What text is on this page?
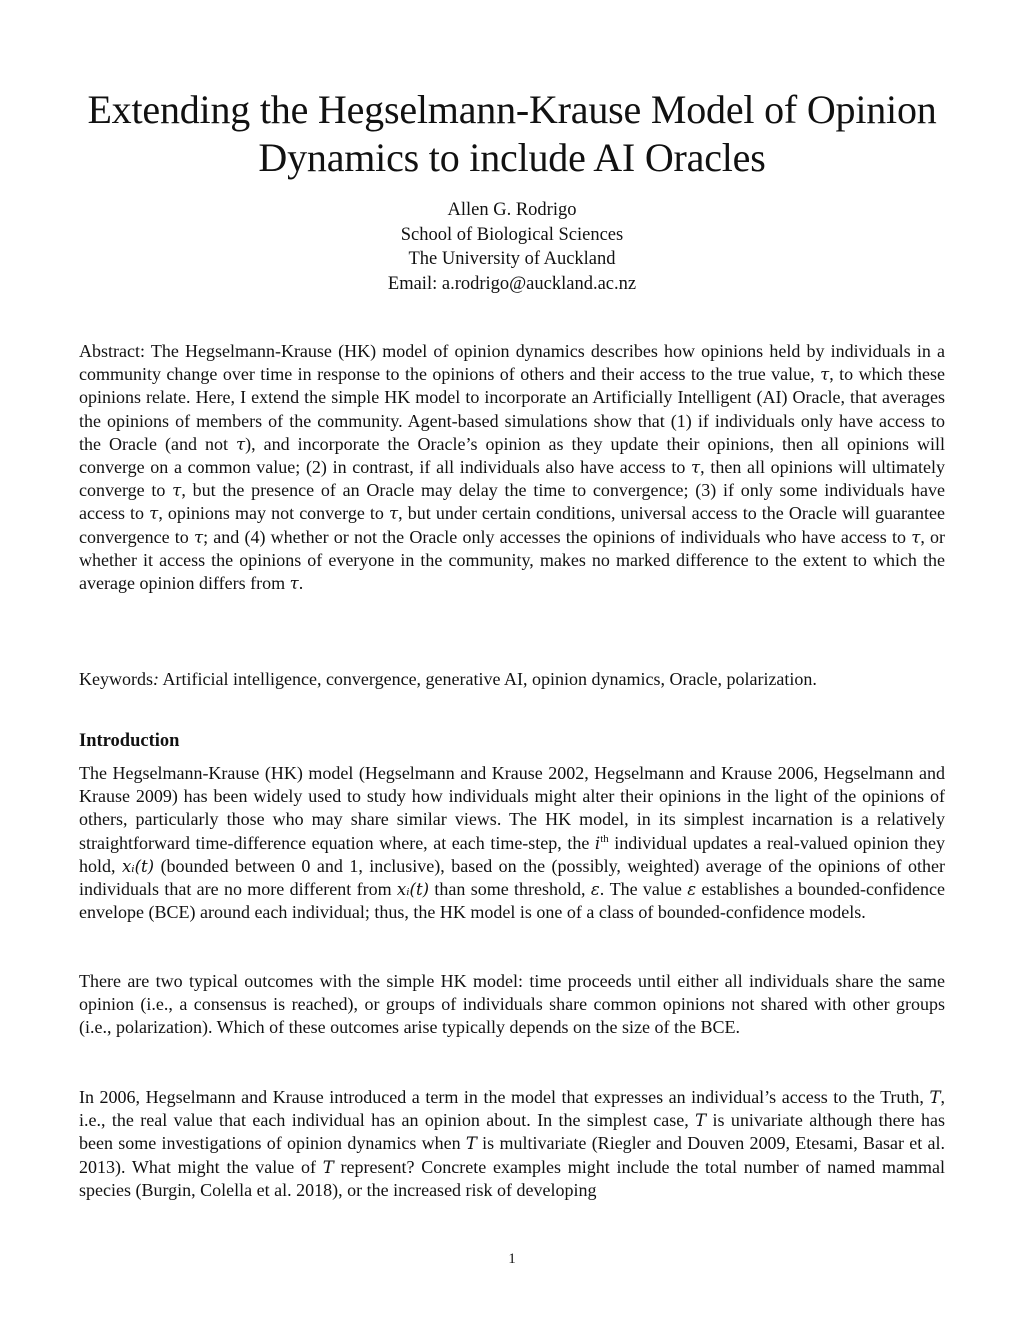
Extending the Hegselmann-Krause Model of Opinion
Dynamics to include AI Oracles
Allen G. Rodrigo
School of Biological Sciences
The University of Auckland
Email: a.rodrigo@auckland.ac.nz

Abstract: The Hegselmann-Krause (HK) model of opinion dynamics describes how opinions held by individuals in a community change over time in response to the opinions of others and their access to the true value, τ, to which these opinions relate. Here, I extend the simple HK model to incorporate an Artificially Intelligent (AI) Oracle, that averages the opinions of members of the community. Agent-based simulations show that (1) if individuals only have access to the Oracle (and not τ), and incorporate the Oracle’s opinion as they update their opinions, then all opinions will converge on a common value; (2) in contrast, if all individuals also have access to τ, then all opinions will ultimately converge to τ, but the presence of an Oracle may delay the time to convergence; (3) if only some individuals have access to τ, opinions may not converge to τ, but under certain conditions, universal access to the Oracle will guarantee convergence to τ; and (4) whether or not the Oracle only accesses the opinions of individuals who have access to τ, or whether it access the opinions of everyone in the community, makes no marked difference to the extent to which the average opinion differs from τ.

Keywords: Artificial intelligence, convergence, generative AI, opinion dynamics, Oracle, polarization.

Introduction

The Hegselmann-Krause (HK) model (Hegselmann and Krause 2002, Hegselmann and Krause 2006, Hegselmann and Krause 2009) has been widely used to study how individuals might alter their opinions in the light of the opinions of others, particularly those who may share similar views. The HK model, in its simplest incarnation is a relatively straightforward time-difference equation where, at each time-step, the $i^{th}$ individual updates a real-valued opinion they hold, xᵢ(t) (bounded between 0 and 1, inclusive), based on the (possibly, weighted) average of the opinions of other individuals that are no more different from xᵢ(t) than some threshold, ε. The value ε establishes a bounded-confidence envelope (BCE) around each individual; thus, the HK model is one of a class of bounded-confidence models.

There are two typical outcomes with the simple HK model: time proceeds until either all individuals share the same opinion (i.e., a consensus is reached), or groups of individuals share common opinions not shared with other groups (i.e., polarization). Which of these outcomes arise typically depends on the size of the BCE.

In 2006, Hegselmann and Krause introduced a term in the model that expresses an individual’s access to the Truth, T, i.e., the real value that each individual has an opinion about. In the simplest case, T is univariate although there has been some investigations of opinion dynamics when T is multivariate (Riegler and Douven 2009, Etesami, Basar et al. 2013). What might the value of T represent? Concrete examples might include the total number of named mammal species (Burgin, Colella et al. 2018), or the increased risk of developing

1
